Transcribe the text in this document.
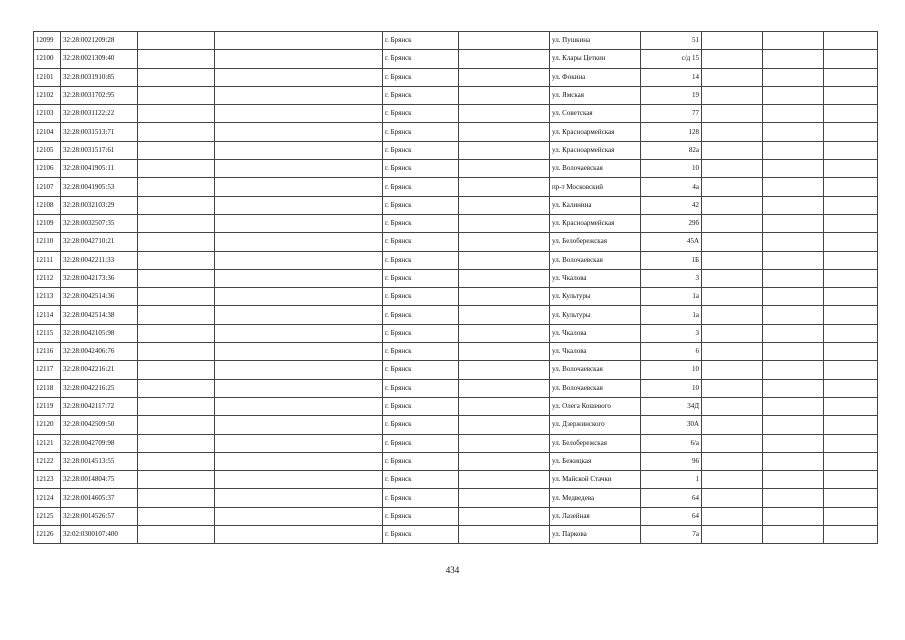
12099	32:28:0021209:28			г. Брянск		ул. Пушкина	51			
12100	32:28:0021309:40			г. Брянск		ул. Клары Цеткин	с/д 15			
12101	32:28:0031910:85			г. Брянск		ул. Фокина	14			
12102	32:28:0031702:95			г. Брянск		ул. Ямская	19			
12103	32:28:0031122:22			г. Брянск		ул. Советская	77			
12104	32:28:0031513:71			г. Брянск		ул. Красноармейская	128			
12105	32:28:0031517:61			г. Брянск		ул. Красноармейская	82а			
12106	32:28:0041905:11			г. Брянск		ул. Волочаевская	10			
12107	32:28:0041905:53			г. Брянск		пр-т Московский	4а			
12108	32:28:0032103:29			г. Брянск		ул. Калинина	42			
12109	32:28:0032507:35			г. Брянск		ул. Красноармейская	29б			
12110	32:28:0042710:21			г. Брянск		ул. Белобережская	45А			
12111	32:28:0042211:33			г. Брянск		ул. Волочаевская	1Б			
12112	32:28:0042173:36			г. Брянск		ул. Чкалова	3			
12113	32:28:0042514:36			г. Брянск		ул. Культуры	1а			
12114	32:28:0042514:38			г. Брянск		ул. Культуры	1а			
12115	32:28:0042105:98			г. Брянск		ул. Чкалова	3			
12116	32:28:0042406:76			г. Брянск		ул. Чкалова	6			
12117	32:28:0042216:21			г. Брянск		ул. Волочаевская	10			
12118	32:28:0042216:25			г. Брянск		ул. Волочаевская	10			
12119	32:28:0042117:72			г. Брянск		ул. Олега Кошевого	34Д			
12120	32:28:0042509:50			г. Брянск		ул. Дзержинского	30А			
12121	32:28:0042709:98			г. Брянск		ул. Белобережская	6/а			
12122	32:28:0014513:55			г. Брянск		ул. Бежицкая	96			
12123	32:28:0014804:75			г. Брянск		ул. Майской Стачки	1			
12124	32:28:0014605:37			г. Брянск		ул. Медведева	64			
12125	32:28:0014526:57			г. Брянск		ул. Лазейная	64			
12126	32:02:0300107:400			г. Брянск		ул. Паркова	7а			
434
